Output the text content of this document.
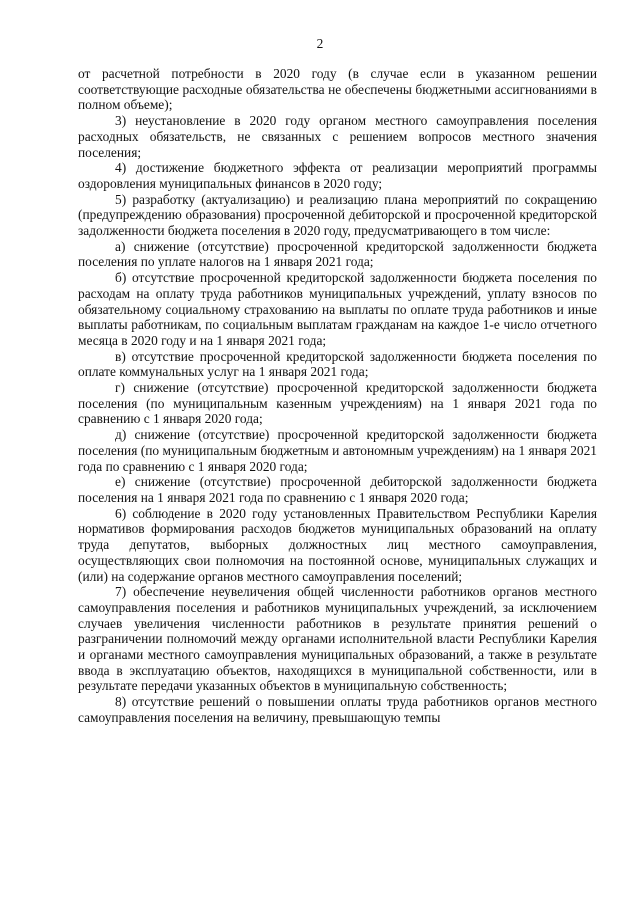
2

от расчетной потребности в 2020 году (в случае если в указанном решении соответствующие расходные обязательства не обеспечены бюджетными ассигнованиями в полном объеме);

3) неустановление в 2020 году органом местного самоуправления поселения расходных обязательств, не связанных с решением вопросов местного значения поселения;

4) достижение бюджетного эффекта от реализации мероприятий программы оздоровления муниципальных финансов в 2020 году;

5) разработку (актуализацию) и реализацию плана мероприятий по сокращению (предупреждению образования) просроченной дебиторской и просроченной кредиторской задолженности бюджета поселения в 2020 году, предусматривающего в том числе:

а) снижение (отсутствие) просроченной кредиторской задолженности бюджета поселения по уплате налогов на 1 января 2021 года;

б) отсутствие просроченной кредиторской задолженности бюджета поселения по расходам на оплату труда работников муниципальных учреждений, уплату взносов по обязательному социальному страхованию на выплаты по оплате труда работников и иные выплаты работникам, по социальным выплатам гражданам на каждое 1-е число отчетного месяца в 2020 году и на 1 января 2021 года;

в) отсутствие просроченной кредиторской задолженности бюджета поселения по оплате коммунальных услуг на 1 января 2021 года;

г) снижение (отсутствие) просроченной кредиторской задолженности бюджета поселения (по муниципальным казенным учреждениям) на 1 января 2021 года по сравнению с 1 января 2020 года;

д) снижение (отсутствие) просроченной кредиторской задолженности бюджета поселения (по муниципальным бюджетным и автономным учреждениям) на 1 января 2021 года по сравнению с 1 января 2020 года;

е) снижение (отсутствие) просроченной дебиторской задолженности бюджета поселения на 1 января 2021 года по сравнению с 1 января 2020 года;

6) соблюдение в 2020 году установленных Правительством Республики Карелия нормативов формирования расходов бюджетов муниципальных образований на оплату труда депутатов, выборных должностных лиц местного самоуправления, осуществляющих свои полномочия на постоянной основе, муниципальных служащих и (или) на содержание органов местного самоуправления поселений;

7) обеспечение неувеличения общей численности работников органов местного самоуправления поселения и работников муниципальных учреждений, за исключением случаев увеличения численности работников в результате принятия решений о разграничении полномочий между органами исполнительной власти Республики Карелия и органами местного самоуправления муниципальных образований, а также в результате ввода в эксплуатацию объектов, находящихся в муниципальной собственности, или в результате передачи указанных объектов в муниципальную собственность;

8) отсутствие решений о повышении оплаты труда работников органов местного самоуправления поселения на величину, превышающую темпы
